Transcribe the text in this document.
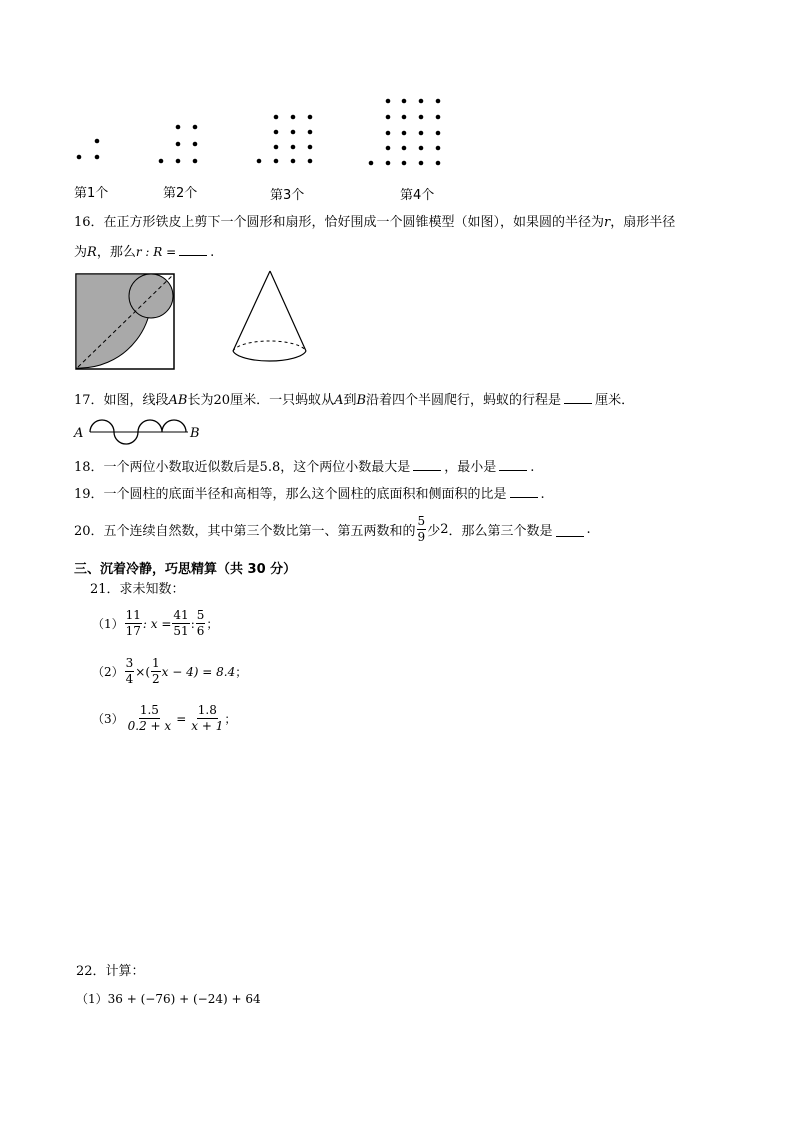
第1个	第2个	第3个	第4个
16．在正方形铁皮上剪下一个圆形和扇形，恰好围成一个圆锥模型（如图），如果圆的半径为r，扇形半径
为R，那么r : R =	.
17．如图，线段AB长为20厘米．一只蚂蚁从A到B沿着四个半圆爬行，蚂蚁的行程是	厘米．
A	B
18．一个两位小数取近似数后是5.8，这个两位小数最大是	，最小是	.
19．一个圆柱的底面半径和高相等，那么这个圆柱的底面积和侧面积的比是	.
20．五个连续自然数，其中第三个数比第一、第五两数和的 $\frac{5}{9}$ 少 2 ．那么第三个数是	.
三、沉着冷静，巧思精算（共 30 分）
21．求未知数：
$(1) \frac{11}{17}$ : $x = \frac{41}{51}$ : $\frac{5}{6}$ ；
$(2) \frac{3}{4}$ ×( $\frac{1}{2}$ x − 4) = 8.4 ；
$(3) \frac{1.5}{0.2 + x} = \frac{1.8}{x + 1}$ ；
22．计算：
（1）36 + (−76) + (−24) + 64
